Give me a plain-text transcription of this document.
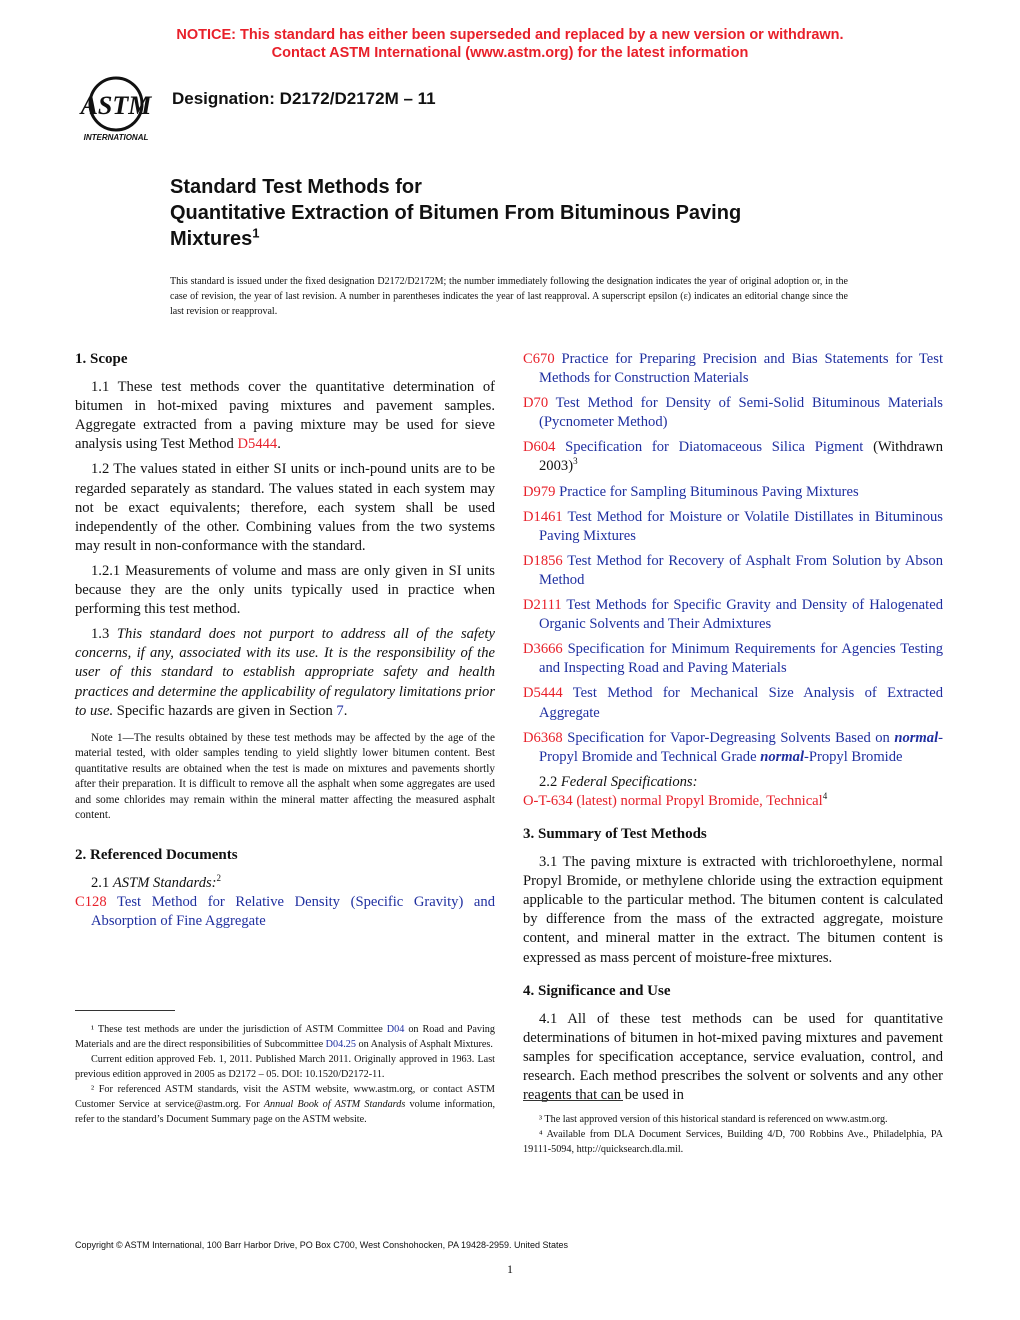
NOTICE: This standard has either been superseded and replaced by a new version or withdrawn.
Contact ASTM International (www.astm.org) for the latest information
ASTM
INTERNATIONAL
Designation: D2172/D2172M – 11
Standard Test Methods for
Quantitative Extraction of Bitumen From Bituminous Paving
Mixtures$^1$
This standard is issued under the fixed designation D2172/D2172M; the number immediately following the designation indicates the year of original adoption or, in the case of revision, the year of last revision. A number in parentheses indicates the year of last reapproval. A superscript epsilon (ε) indicates an editorial change since the last revision or reapproval.
1. Scope

1.1 These test methods cover the quantitative determination of bitumen in hot-mixed paving mixtures and pavement samples. Aggregate extracted from a paving mixture may be used for sieve analysis using Test Method D5444.

1.2 The values stated in either SI units or inch-pound units are to be regarded separately as standard. The values stated in each system may not be exact equivalents; therefore, each system shall be used independently of the other. Combining values from the two systems may result in non-conformance with the standard.

1.2.1 Measurements of volume and mass are only given in SI units because they are the only units typically used in practice when performing this test method.

1.3 This standard does not purport to address all of the safety concerns, if any, associated with its use. It is the responsibility of the user of this standard to establish appropriate safety and health practices and determine the applicability of regulatory limitations prior to use. Specific hazards are given in Section 7.

Note 1—The results obtained by these test methods may be affected by the age of the material tested, with older samples tending to yield slightly lower bitumen content. Best quantitative results are obtained when the test is made on mixtures and pavements shortly after their preparation. It is difficult to remove all the asphalt when some aggregates are used and some chlorides may remain within the mineral matter affecting the measured asphalt content.
2. Referenced Documents

2.1 ASTM Standards:$^2$

C128 Test Method for Relative Density (Specific Gravity) and Absorption of Fine Aggregate

C670 Practice for Preparing Precision and Bias Statements for Test Methods for Construction Materials

D70 Test Method for Density of Semi-Solid Bituminous Materials (Pycnometer Method)

D604 Specification for Diatomaceous Silica Pigment (Withdrawn 2003)$^3$

D979 Practice for Sampling Bituminous Paving Mixtures

D1461 Test Method for Moisture or Volatile Distillates in Bituminous Paving Mixtures

D1856 Test Method for Recovery of Asphalt From Solution by Abson Method

D2111 Test Methods for Specific Gravity and Density of Halogenated Organic Solvents and Their Admixtures

D3666 Specification for Minimum Requirements for Agencies Testing and Inspecting Road and Paving Materials

D5444 Test Method for Mechanical Size Analysis of Extracted Aggregate

D6368 Specification for Vapor-Degreasing Solvents Based on normal-Propyl Bromide and Technical Grade normal-Propyl Bromide

2.2 Federal Specifications:

O-T-634 (latest) normal Propyl Bromide, Technical$^4$

3. Summary of Test Methods

3.1 The paving mixture is extracted with trichloroethylene, normal Propyl Bromide, or methylene chloride using the extraction equipment applicable to the particular method. The bitumen content is calculated by difference from the mass of the extracted aggregate, moisture content, and mineral matter in the extract. The bitumen content is expressed as mass percent of moisture-free mixtures.

4. Significance and Use

4.1 All of these test methods can be used for quantitative determinations of bitumen in hot-mixed paving mixtures and pavement samples for specification acceptance, service evaluation, control, and research. Each method prescribes the solvent or solvents and any other reagents that can be used in

¹ These test methods are under the jurisdiction of ASTM Committee D04 on Road and Paving Materials and are the direct responsibilities of Subcommittee D04.25 on Analysis of Asphalt Mixtures.

Current edition approved Feb. 1, 2011. Published March 2011. Originally approved in 1963. Last previous edition approved in 2005 as D2172 – 05. DOI: 10.1520/D2172-11.

² For referenced ASTM standards, visit the ASTM website, www.astm.org, or contact ASTM Customer Service at service@astm.org. For Annual Book of ASTM Standards volume information, refer to the standard’s Document Summary page on the ASTM website.	³ The last approved version of this historical standard is referenced on www.astm.org.

⁴ Available from DLA Document Services, Building 4/D, 700 Robbins Ave., Philadelphia, PA 19111-5094, http://quicksearch.dla.mil.

Copyright © ASTM International, 100 Barr Harbor Drive, PO Box C700, West Conshohocken, PA 19428-2959. United States
1
